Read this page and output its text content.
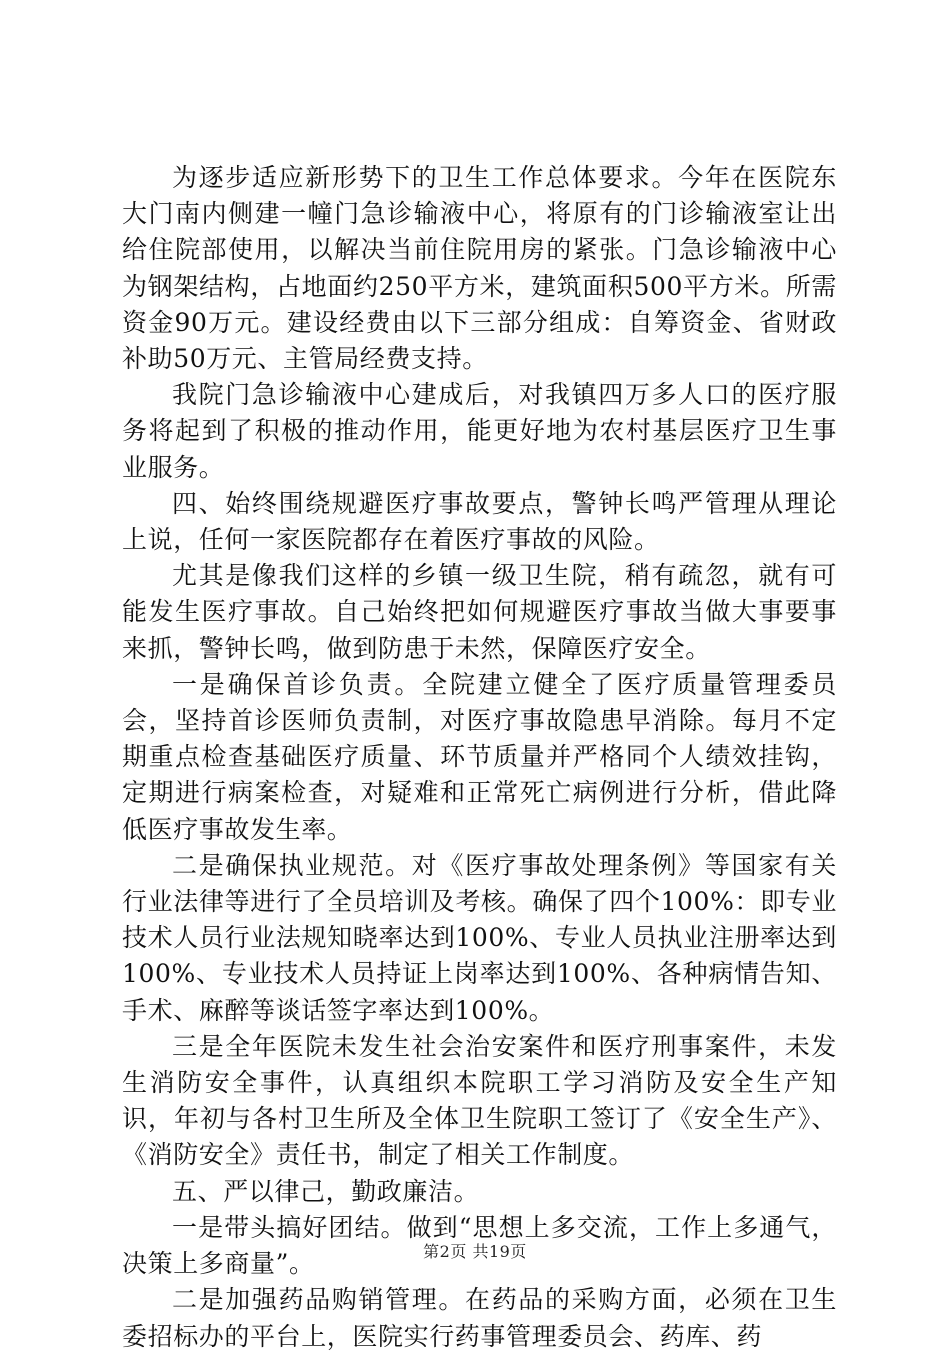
为逐步适应新形势下的卫生工作总体要求。今年在医院东大门南内侧建一幢门急诊输液中心，将原有的门诊输液室让出给住院部使用，以解决当前住院用房的紧张。门急诊输液中心为钢架结构，占地面约250平方米，建筑面积500平方米。所需资金90万元。建设经费由以下三部分组成：自筹资金、省财政补助50万元、主管局经费支持。

我院门急诊输液中心建成后，对我镇四万多人口的医疗服务将起到了积极的推动作用，能更好地为农村基层医疗卫生事业服务。

四、始终围绕规避医疗事故要点，警钟长鸣严管理从理论上说，任何一家医院都存在着医疗事故的风险。

尤其是像我们这样的乡镇一级卫生院，稍有疏忽，就有可能发生医疗事故。自己始终把如何规避医疗事故当做大事要事来抓，警钟长鸣，做到防患于未然，保障医疗安全。

一是确保首诊负责。全院建立健全了医疗质量管理委员会，坚持首诊医师负责制，对医疗事故隐患早消除。每月不定期重点检查基础医疗质量、环节质量并严格同个人绩效挂钩，定期进行病案检查，对疑难和正常死亡病例进行分析，借此降低医疗事故发生率。

二是确保执业规范。对《医疗事故处理条例》等国家有关行业法律等进行了全员培训及考核。确保了四个100%：即专业技术人员行业法规知晓率达到100%、专业人员执业注册率达到100%、专业技术人员持证上岗率达到100%、各种病情告知、手术、麻醉等谈话签字率达到100%。

三是全年医院未发生社会治安案件和医疗刑事案件，未发生消防安全事件，认真组织本院职工学习消防及安全生产知识，年初与各村卫生所及全体卫生院职工签订了《安全生产》、《消防安全》责任书，制定了相关工作制度。

五、严以律己，勤政廉洁。

一是带头搞好团结。做到“思想上多交流，工作上多通气，决策上多商量”。

二是加强药品购销管理。在药品的采购方面，必须在卫生委招标办的平台上，医院实行药事管理委员会、药库、药

第2页 共19页
